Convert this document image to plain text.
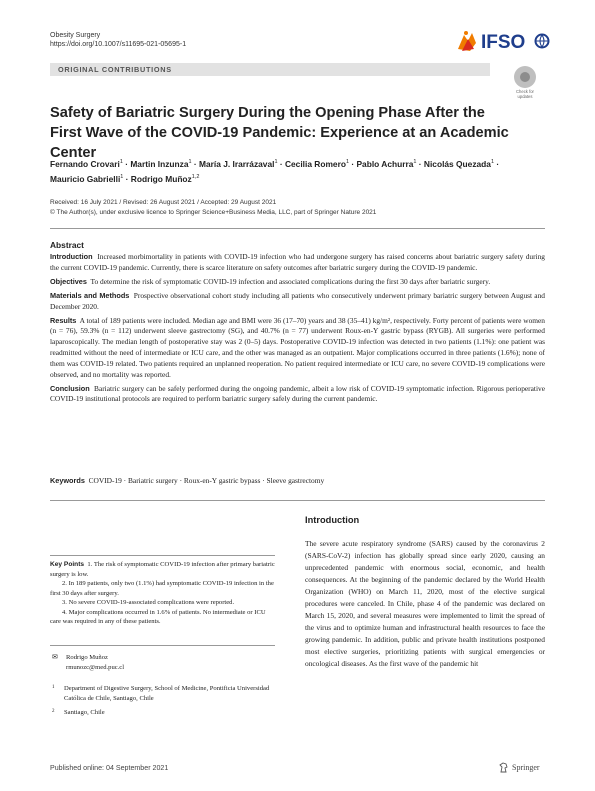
Obesity Surgery
https://doi.org/10.1007/s11695-021-05695-1	IFSO
ORIGINAL CONTRIBUTIONS
Check for
updates
Safety of Bariatric Surgery During the Opening Phase After the First Wave of the COVID-19 Pandemic: Experience at an Academic Center
Fernando Crovari$^1$ · Martin Inzunza$^1$ · María J. Irarrázaval$^1$ · Cecilia Romero$^1$ · Pablo Achurra$^1$ · Nicolás Quezada$^1$ ·
Mauricio Gabrielli$^1$ · Rodrigo Muñoz$^{1,2}$
Received: 16 July 2021 / Revised: 26 August 2021 / Accepted: 29 August 2021
© The Author(s), under exclusive licence to Springer Science+Business Media, LLC, part of Springer Nature 2021
Abstract

Introduction Increased morbimortality in patients with COVID-19 infection who had undergone surgery has raised concerns about bariatric surgery safety during the current COVID-19 pandemic. Currently, there is scarce literature on safety outcomes after bariatric surgery during the COVID-19 pandemic.

Objectives To determine the risk of symptomatic COVID-19 infection and associated complications during the first 30 days after bariatric surgery.

Materials and Methods Prospective observational cohort study including all patients who consecutively underwent primary bariatric surgery between August and December 2020.

Results A total of 189 patients were included. Median age and BMI were 36 (17–70) years and 38 (35–41) kg/m², respectively. Forty percent of patients were women (n = 76), 59.3% (n = 112) underwent sleeve gastrectomy (SG), and 40.7% (n = 77) underwent Roux-en-Y gastric bypass (RYGB). All surgeries were performed laparoscopically. The median length of postoperative stay was 2 (0–5) days. Postoperative COVID-19 infection was detected in two patients (1.1%): one patient was readmitted without the need of intermediate or ICU care, and the other was managed as an outpatient. Major complications occurred in three patients (1.6%); none of them was COVID-19 related. Two patients required an unplanned reoperation. No patient required intermediate or ICU care, no severe COVID-19 complications were observed, and no mortality was reported.

Conclusion Bariatric surgery can be safely performed during the ongoing pandemic, albeit a low risk of COVID-19 symptomatic infection. Rigorous perioperative COVID-19 institutional protocols are required to perform bariatric surgery safely during the current pandemic.

Keywords COVID-19 · Bariatric surgery · Roux-en-Y gastric bypass · Sleeve gastrectomy
Introduction
The severe acute respiratory syndrome (SARS) caused by the coronavirus 2 (SARS-CoV-2) infection has globally spread since early 2020, causing an unprecedented pandemic with enormous social, economic, and health consequences. At the beginning of the pandemic declared by the World Health Organization (WHO) on March 11, 2020, most of the elective surgical procedures were canceled. In Chile, phase 4 of the pandemic was declared on March 15, 2020, and several measures were implemented to limit the spread of the virus and to optimize human and infrastructural health resources to face the growing pandemic. In addition, public and private health institutions postponed most elective surgeries, prioritizing patients with surgical emergencies or oncological diseases. As the first wave of the pandemic hit

Key Points 1. The risk of symptomatic COVID-19 infection after primary bariatric surgery is low.

2. In 189 patients, only two (1.1%) had symptomatic COVID-19 infection in the first 30 days after surgery.

3. No severe COVID-19-associated complications were reported.

4. Major complications occurred in 1.6% of patients. No intermediate or ICU care was required in any of these patients.

✉	Rodrigo Muñoz
rmunozc@med.puc.cl
1	Department of Digestive Surgery, School of Medicine, Pontificia Universidad Católica de Chile, Santiago, Chile
2	Santiago, Chile
Published online: 04 September 2021	Springer
